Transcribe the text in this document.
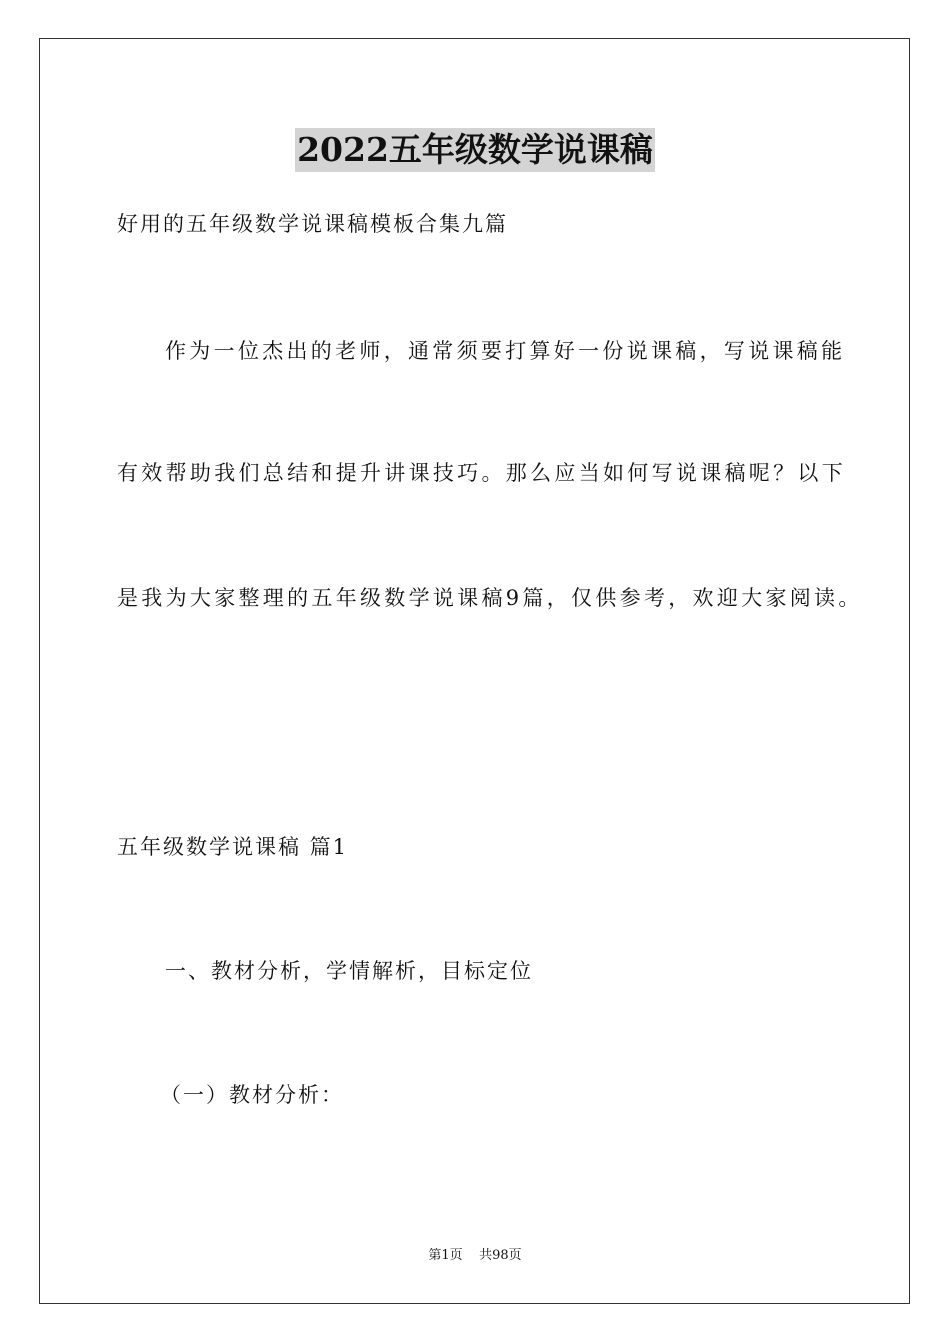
2022五年级数学说课稿
好用的五年级数学说课稿模板合集九篇
作为一位杰出的老师，通常须要打算好一份说课稿，写说课稿能
有效帮助我们总结和提升讲课技巧。那么应当如何写说课稿呢？以下
是我为大家整理的五年级数学说课稿9篇，仅供参考，欢迎大家阅读。
五年级数学说课稿 篇1
一、教材分析，学情解析，目标定位
（一）教材分析：
第1页 共98页
